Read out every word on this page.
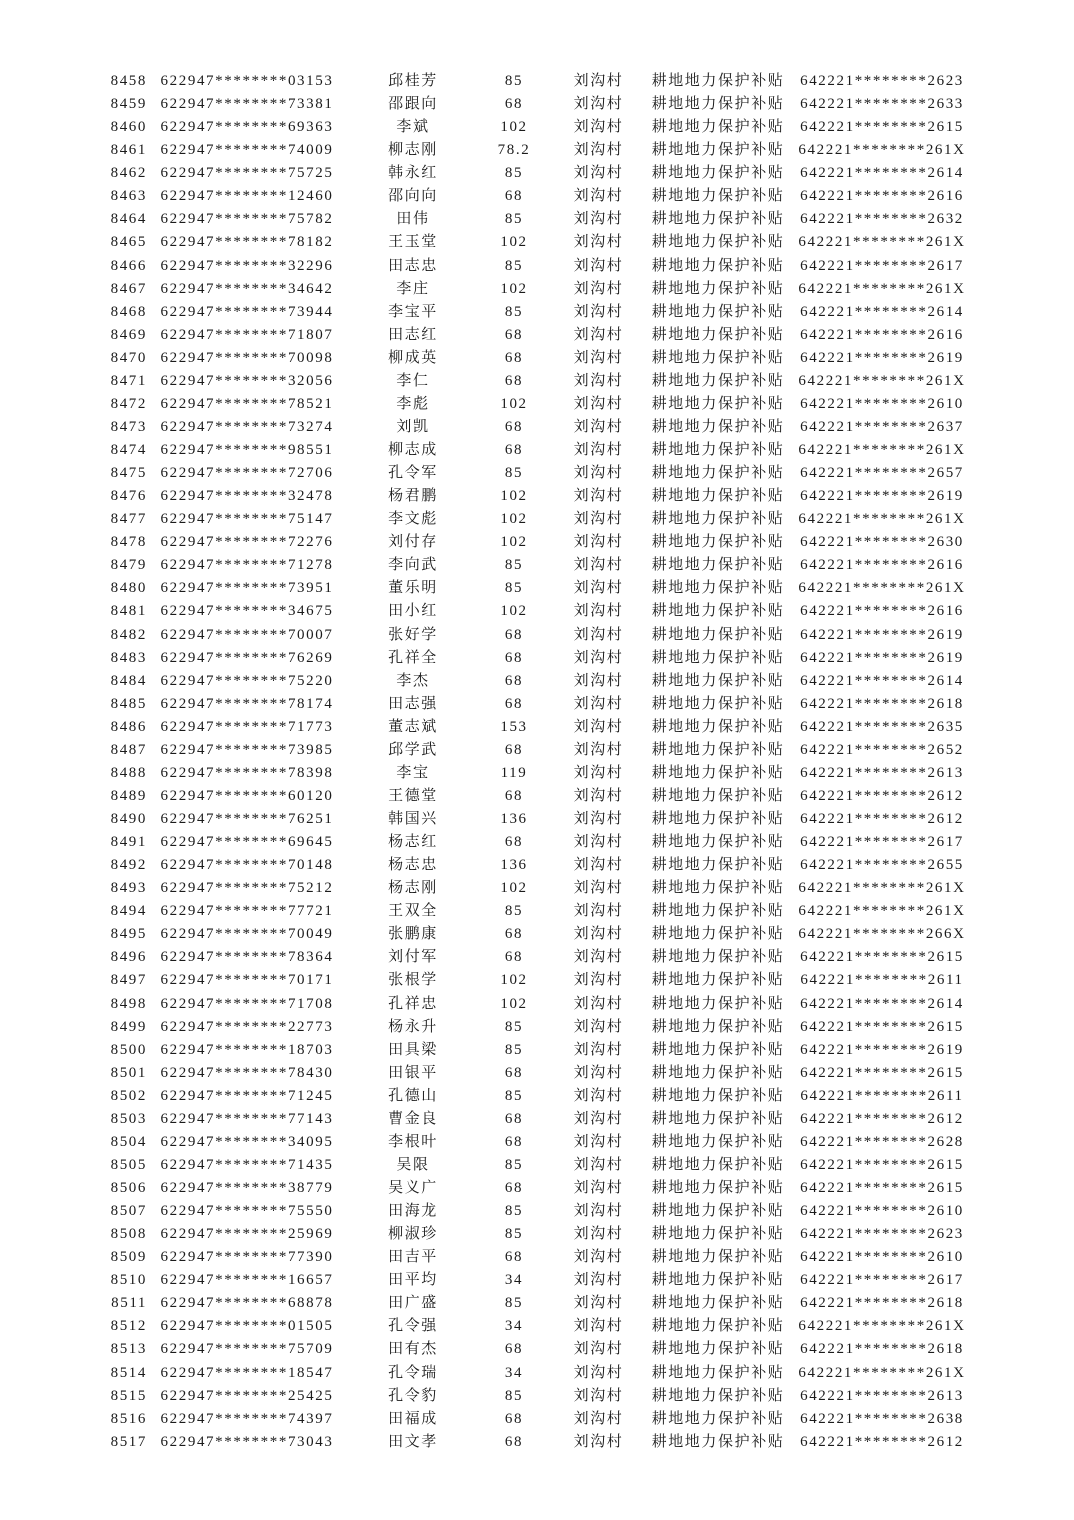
8458 622947********03153	邱桂芳	85	刘沟村	耕地地力保护补贴	642221********2623
8459 622947********73381	邵跟向	68	刘沟村	耕地地力保护补贴	642221********2633
8460 622947********69363	李斌	102	刘沟村	耕地地力保护补贴	642221********2615
8461 622947********74009	柳志刚	78.2	刘沟村	耕地地力保护补贴 642221********261X
8462 622947********75725	韩永红	85	刘沟村	耕地地力保护补贴	642221********2614
8463 622947********12460	邵向向	68	刘沟村	耕地地力保护补贴	642221********2616
8464 622947********75782	田伟	85	刘沟村	耕地地力保护补贴	642221********2632
8465 622947********78182	王玉堂	102	刘沟村	耕地地力保护补贴 642221********261X
8466 622947********32296	田志忠	85	刘沟村	耕地地力保护补贴	642221********2617
8467 622947********34642	李庄	102	刘沟村	耕地地力保护补贴 642221********261X
8468 622947********73944	李宝平	85	刘沟村	耕地地力保护补贴	642221********2614
8469 622947********71807	田志红	68	刘沟村	耕地地力保护补贴	642221********2616
8470 622947********70098	柳成英	68	刘沟村	耕地地力保护补贴	642221********2619
8471 622947********32056	李仁	68	刘沟村	耕地地力保护补贴 642221********261X
8472 622947********78521	李彪	102	刘沟村	耕地地力保护补贴	642221********2610
8473 622947********73274	刘凯	68	刘沟村	耕地地力保护补贴	642221********2637
8474 622947********98551	柳志成	68	刘沟村	耕地地力保护补贴 642221********261X
8475 622947********72706	孔令军	85	刘沟村	耕地地力保护补贴	642221********2657
8476 622947********32478	杨君鹏	102	刘沟村	耕地地力保护补贴	642221********2619
8477 622947********75147	李文彪	102	刘沟村	耕地地力保护补贴 642221********261X
8478 622947********72276	刘付存	102	刘沟村	耕地地力保护补贴	642221********2630
8479 622947********71278	李向武	85	刘沟村	耕地地力保护补贴	642221********2616
8480 622947********73951	董乐明	85	刘沟村	耕地地力保护补贴 642221********261X
8481 622947********34675	田小红	102	刘沟村	耕地地力保护补贴	642221********2616
8482 622947********70007	张好学	68	刘沟村	耕地地力保护补贴	642221********2619
8483 622947********76269	孔祥全	68	刘沟村	耕地地力保护补贴	642221********2619
8484 622947********75220	李杰	68	刘沟村	耕地地力保护补贴	642221********2614
8485 622947********78174	田志强	68	刘沟村	耕地地力保护补贴	642221********2618
8486 622947********71773	董志斌	153	刘沟村	耕地地力保护补贴	642221********2635
8487 622947********73985	邱学武	68	刘沟村	耕地地力保护补贴	642221********2652
8488 622947********78398	李宝	119	刘沟村	耕地地力保护补贴	642221********2613
8489 622947********60120	王德堂	68	刘沟村	耕地地力保护补贴	642221********2612
8490 622947********76251	韩国兴	136	刘沟村	耕地地力保护补贴	642221********2612
8491 622947********69645	杨志红	68	刘沟村	耕地地力保护补贴	642221********2617
8492 622947********70148	杨志忠	136	刘沟村	耕地地力保护补贴	642221********2655
8493 622947********75212	杨志刚	102	刘沟村	耕地地力保护补贴 642221********261X
8494 622947********77721	王双全	85	刘沟村	耕地地力保护补贴 642221********261X
8495 622947********70049	张鹏康	68	刘沟村	耕地地力保护补贴 642221********266X
8496 622947********78364	刘付军	68	刘沟村	耕地地力保护补贴	642221********2615
8497 622947********70171	张根学	102	刘沟村	耕地地力保护补贴	642221********2611
8498 622947********71708	孔祥忠	102	刘沟村	耕地地力保护补贴	642221********2614
8499 622947********22773	杨永升	85	刘沟村	耕地地力保护补贴	642221********2615
8500 622947********18703	田具梁	85	刘沟村	耕地地力保护补贴	642221********2619
8501 622947********78430	田银平	68	刘沟村	耕地地力保护补贴	642221********2615
8502 622947********71245	孔德山	85	刘沟村	耕地地力保护补贴	642221********2611
8503 622947********77143	曹金良	68	刘沟村	耕地地力保护补贴	642221********2612
8504 622947********34095	李根叶	68	刘沟村	耕地地力保护补贴	642221********2628
8505 622947********71435	吴限	85	刘沟村	耕地地力保护补贴	642221********2615
8506 622947********38779	吴义广	68	刘沟村	耕地地力保护补贴	642221********2615
8507 622947********75550	田海龙	85	刘沟村	耕地地力保护补贴	642221********2610
8508 622947********25969	柳淑珍	85	刘沟村	耕地地力保护补贴	642221********2623
8509 622947********77390	田吉平	68	刘沟村	耕地地力保护补贴	642221********2610
8510 622947********16657	田平均	34	刘沟村	耕地地力保护补贴	642221********2617
8511 622947********68878	田广盛	85	刘沟村	耕地地力保护补贴	642221********2618
8512 622947********01505	孔令强	34	刘沟村	耕地地力保护补贴 642221********261X
8513 622947********75709	田有杰	68	刘沟村	耕地地力保护补贴	642221********2618
8514 622947********18547	孔令瑞	34	刘沟村	耕地地力保护补贴 642221********261X
8515 622947********25425	孔令豹	85	刘沟村	耕地地力保护补贴	642221********2613
8516 622947********74397	田福成	68	刘沟村	耕地地力保护补贴	642221********2638
8517 622947********73043	田文孝	68	刘沟村	耕地地力保护补贴	642221********2612
